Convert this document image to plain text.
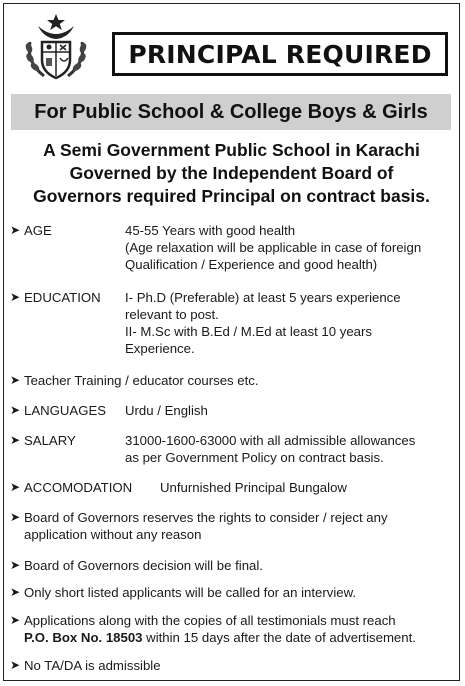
PRINCIPAL REQUIRED
For Public School & College Boys & Girls
A Semi Government Public School in Karachi
Governed by the Independent Board of
Governors required Principal on contract basis.
➤ AGE	45-55 Years with good health
(Age relaxation will be applicable in case of foreign
Qualification / Experience and good health)
➤ EDUCATION I- Ph.D (Preferable) at least 5 years experience
relevant to post.
II- M.Sc with B.Ed / M.Ed at least 10 years
Experience.
➤ Teacher Training / educator courses etc.
➤ LANGUAGES Urdu / English
➤ SALARY	31000-1600-63000 with all admissible allowances
as per Government Policy on contract basis.
➤ ACCOMODATION Unfurnished Principal Bungalow
➤ Board of Governors reserves the rights to consider / reject any
application without any reason
➤ Board of Governors decision will be final.
➤ Only short listed applicants will be called for an interview.
➤ Applications along with the copies of all testimonials must reach
P.O. Box No. 18503 within 15 days after the date of advertisement.
➤ No TA/DA is admissible
